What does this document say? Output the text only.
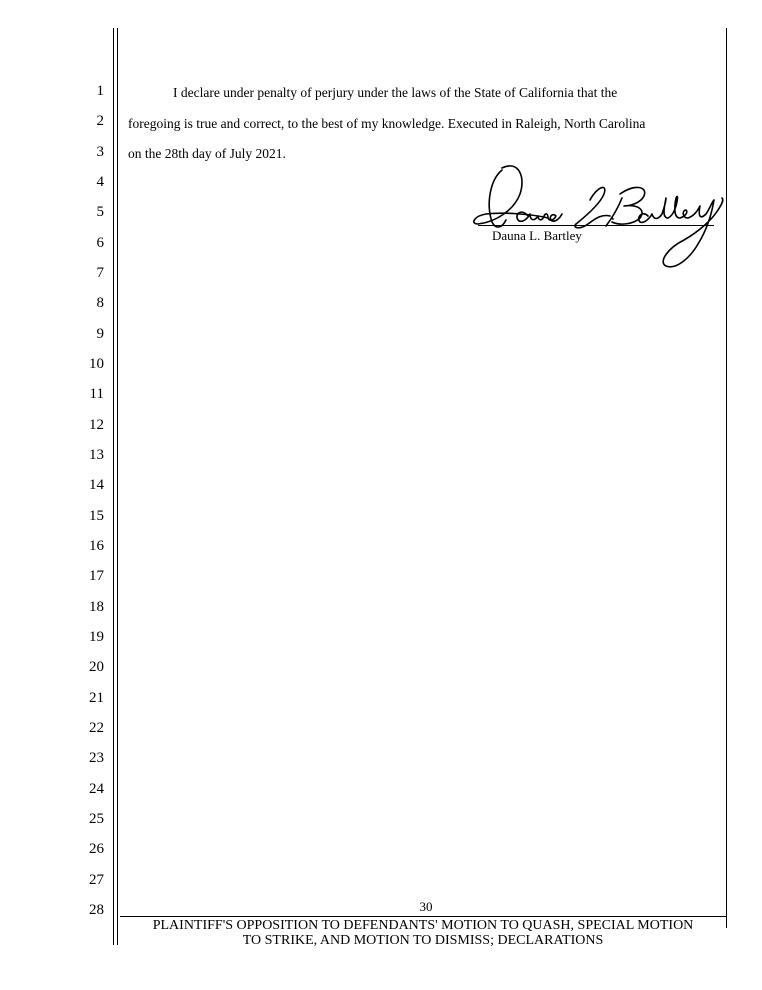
1
2
3
4
5
6
7
8
9
10
11
12
13
14
15
16
17
18
19
20
21
22
23
24
25
26
27
28
I declare under penalty of perjury under the laws of the State of California that the
foregoing is true and correct, to the best of my knowledge. Executed in Raleigh, North Carolina
on the 28th day of July 2021.
Dauna L. Bartley
30
PLAINTIFF'S OPPOSITION TO DEFENDANTS' MOTION TO QUASH, SPECIAL MOTION
TO STRIKE, AND MOTION TO DISMISS; DECLARATIONS
